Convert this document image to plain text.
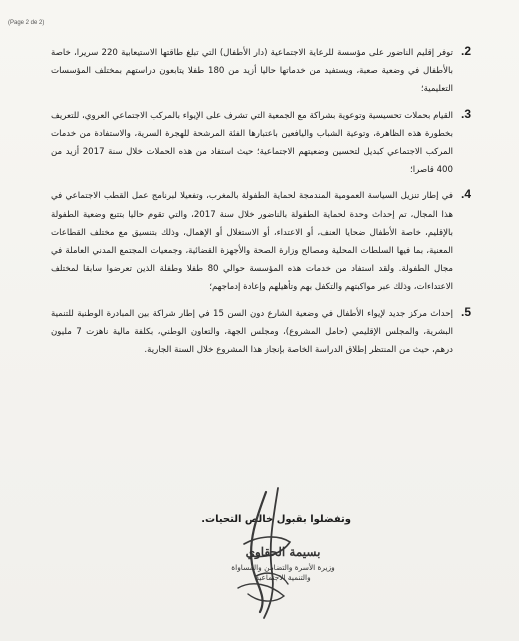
(Page 2 de 2)
2.
توفر إقليم الناضور على مؤسسة للرعاية الاجتماعية (دار الأطفال) التي تبلغ طاقتها الاستيعابية 220 سريرا، خاصة بالأطفال في وضعية صعبة، ويستفيد من خدماتها حاليا أزيد من 180 طفلا يتابعون دراستهم بمختلف المؤسسات التعليمية؛
3.
القيام بحملات تحسيسية وتوعوية بشراكة مع الجمعية التي تشرف على الإيواء بالمركب الاجتماعي العروي، للتعريف بخطورة هذه الظاهرة، وتوعية الشباب واليافعين باعتبارها الفئة المرشحة للهجرة السرية، والاستفادة من خدمات المركب الاجتماعي كبديل لتحسين وضعيتهم الاجتماعية؛ حيث استفاد من هذه الحملات خلال سنة 2017 أزيد من 400 قاصرا؛
4.
في إطار تنزيل السياسة العمومية المندمجة لحماية الطفولة بالمغرب، وتفعيلا لبرنامج عمل القطب الاجتماعي في هذا المجال، تم إحداث وحدة لحماية الطفولة بالناضور خلال سنة 2017، والتي تقوم حاليا بتتبع وضعية الطفولة بالإقليم، خاصة الأطفال ضحايا العنف، أو الاعتداء، أو الاستغلال أو الإهمال، وذلك بتنسيق مع مختلف القطاعات المعنية، بما فيها السلطات المحلية ومصالح وزارة الصحة والأجهزة القضائية، وجمعيات المجتمع المدني العاملة في مجال الطفولة. ولقد استفاد من خدمات هذه المؤسسة حوالي 80 طفلا وطفلة الذين تعرضوا سابقا لمختلف الاعتداءات، وذلك عبر مواكبتهم والتكفل بهم وتأهيلهم وإعادة إدماجهم؛
5.
إحداث مركز جديد لإيواء الأطفال في وضعية الشارع دون السن 15 في إطار شراكة بين المبادرة الوطنية للتنمية البشرية، والمجلس الإقليمي (حامل المشروع)، ومجلس الجهة، والتعاون الوطني، بكلفة مالية ناهزت 7 مليون درهم، حيث من المنتظر إطلاق الدراسة الخاصة بإنجاز هذا المشروع خلال السنة الجارية.
وتفضلوا بقبول خالص التحيات.
بسيمة الحقاوي
وزيرة الأسرة والتضامن والمساواة
والتنمية الاجتماعية
